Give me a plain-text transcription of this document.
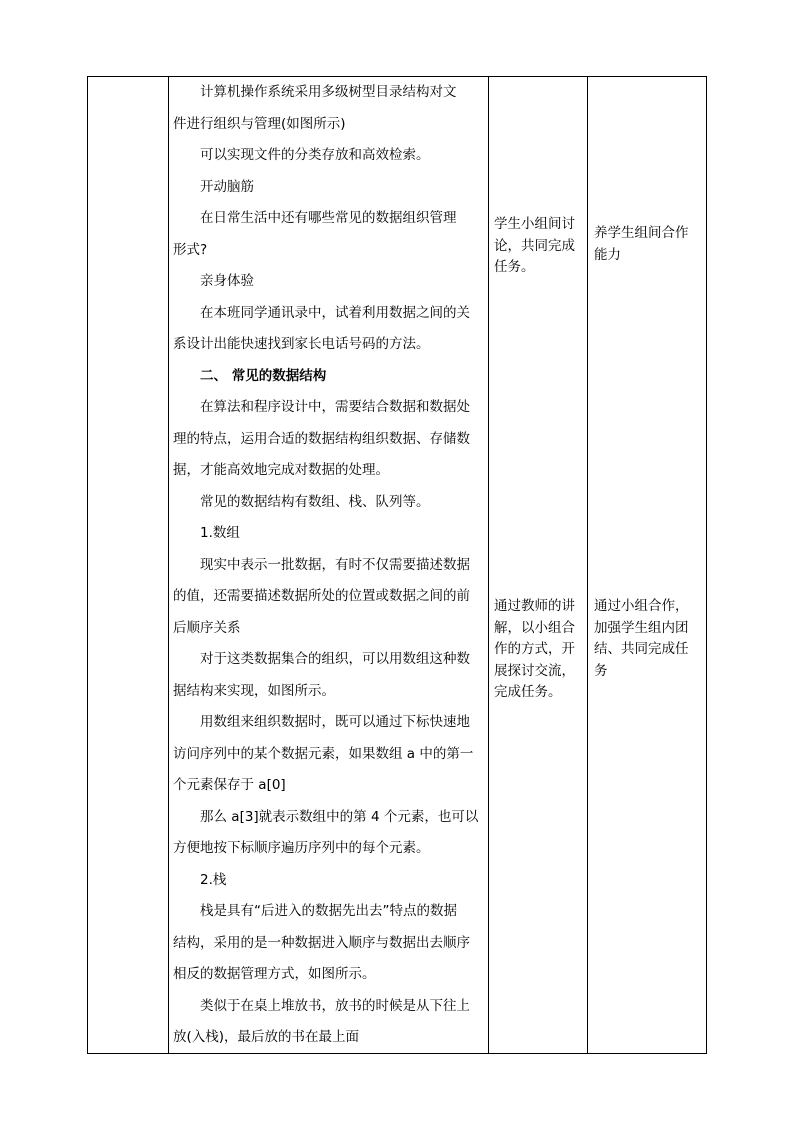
计算机操作系统采用多级树型目录结构对文

件进行组织与管理(如图所示)

可以实现文件的分类存放和高效检索。

开动脑筋

在日常生活中还有哪些常见的数据组织管理

形式?

亲身体验

在本班同学通讯录中，试着利用数据之间的关

系设计出能快速找到家长电话号码的方法。

二、 常见的数据结构

在算法和程序设计中，需要结合数据和数据处

理的特点，运用合适的数据结构组织数据、存储数

据，才能高效地完成对数据的处理。

常见的数据结构有数组、栈、队列等。

1.数组

现实中表示一批数据，有时不仅需要描述数据

的值，还需要描述数据所处的位置或数据之间的前

后顺序关系

对于这类数据集合的组织，可以用数组这种数

据结构来实现，如图所示。

用数组来组织数据时，既可以通过下标快速地

访问序列中的某个数据元素，如果数组 a 中的第一

个元素保存于 a[0]

那么 a[3]就表示数组中的第 4 个元素，也可以

方便地按下标顺序遍历序列中的每个元素。

2.栈

栈是具有“后进入的数据先出去”特点的数据

结构，采用的是一种数据进入顺序与数据出去顺序

相反的数据管理方式，如图所示。

类似于在桌上堆放书，放书的时候是从下往上

放(入栈)，最后放的书在最上面

学生小组间讨
论，共同完成
任务。
通过教师的讲
解，以小组合
作的方式，开
展探讨交流，
完成任务。
养学生组间合作
能力
通过小组合作，
加强学生组内团
结、共同完成任
务
